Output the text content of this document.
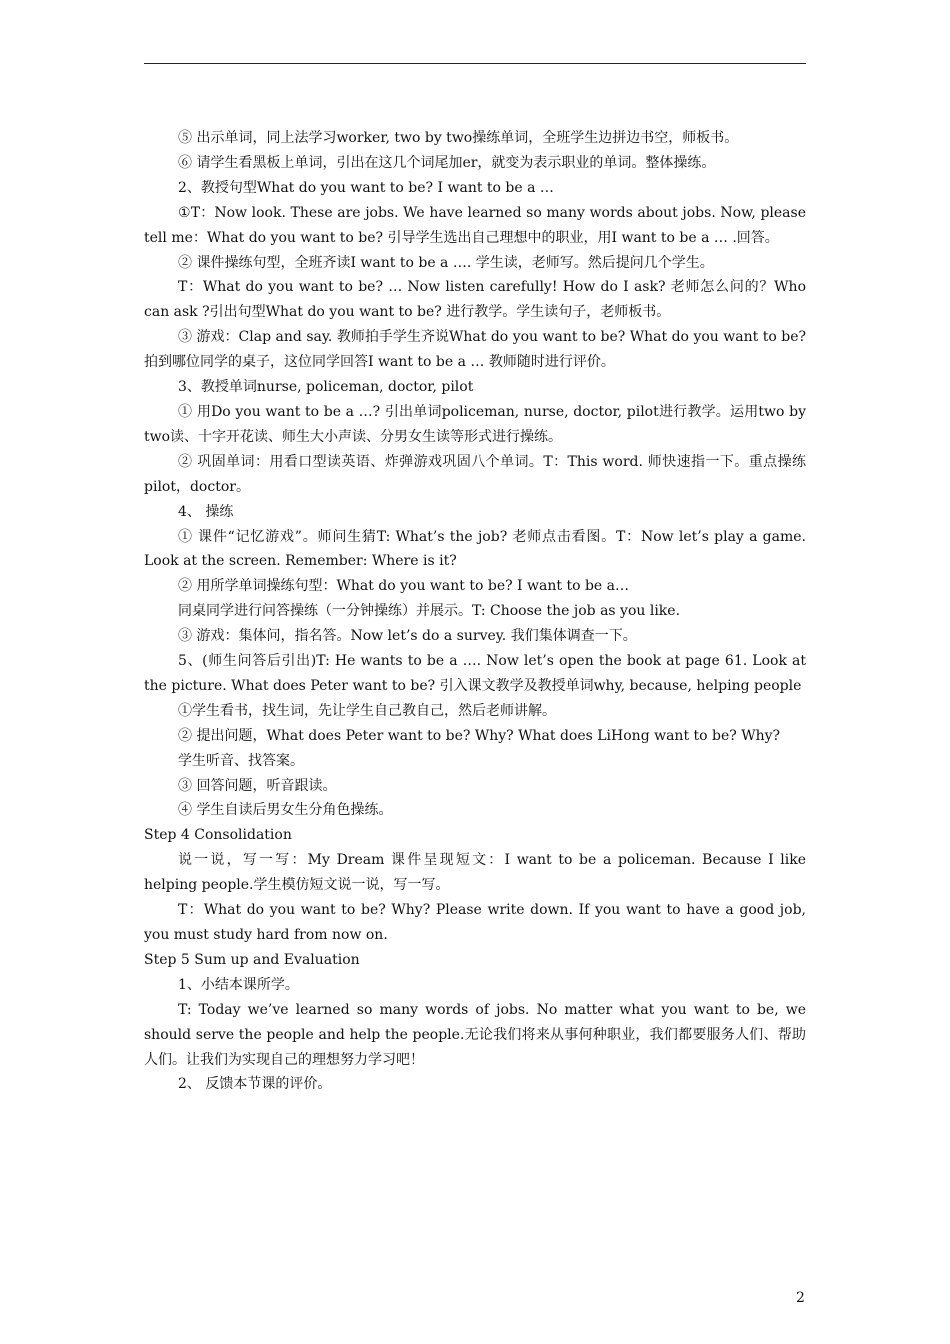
⑤ 出示单词，同上法学习worker, two by two操练单词，全班学生边拼边书空，师板书。

⑥ 请学生看黑板上单词，引出在这几个词尾加er，就变为表示职业的单词。整体操练。

2、教授句型What do you want to be? I want to be a …

①T：Now look. These are jobs. We have learned so many words about jobs. Now, please tell me：What do you want to be? 引导学生选出自己理想中的职业，用I want to be a … .回答。

② 课件操练句型，全班齐读I want to be a …. 学生读，老师写。然后提问几个学生。

T：What do you want to be? … Now listen carefully! How do I ask? 老师怎么问的？Who can ask ?引出句型What do you want to be? 进行教学。学生读句子，老师板书。

③ 游戏：Clap and say. 教师拍手学生齐说What do you want to be? What do you want to be? 拍到哪位同学的桌子，这位同学回答I want to be a … 教师随时进行评价。

3、教授单词nurse, policeman, doctor, pilot

① 用Do you want to be a …? 引出单词policeman, nurse, doctor, pilot进行教学。运用two by two读、十字开花读、师生大小声读、分男女生读等形式进行操练。

② 巩固单词：用看口型读英语、炸弹游戏巩固八个单词。T：This word. 师快速指一下。重点操练pilot，doctor。

4、 操练

① 课件“记忆游戏”。师问生猜T: What’s the job? 老师点击看图。T：Now let’s play a game. Look at the screen. Remember: Where is it?

② 用所学单词操练句型：What do you want to be? I want to be a…

同桌同学进行问答操练（一分钟操练）并展示。T: Choose the job as you like.

③ 游戏：集体问，指名答。Now let’s do a survey. 我们集体调查一下。

5、(师生问答后引出)T: He wants to be a …. Now let’s open the book at page 61. Look at the picture. What does Peter want to be? 引入课文教学及教授单词why, because, helping people

①学生看书，找生词，先让学生自己教自己，然后老师讲解。

② 提出问题，What does Peter want to be? Why? What does LiHong want to be? Why?

学生听音、找答案。

③ 回答问题，听音跟读。

④ 学生自读后男女生分角色操练。

Step 4 Consolidation

说一说，写一写：My Dream 课件呈现短文：I want to be a policeman. Because I like helping people.学生模仿短文说一说，写一写。

T：What do you want to be? Why? Please write down. If you want to have a good job, you must study hard from now on.

Step 5 Sum up and Evaluation

1、小结本课所学。

T: Today we’ve learned so many words of jobs. No matter what you want to be, we should serve the people and help the people.无论我们将来从事何种职业，我们都要服务人们、帮助人们。让我们为实现自己的理想努力学习吧！

2、 反馈本节课的评价。

2
